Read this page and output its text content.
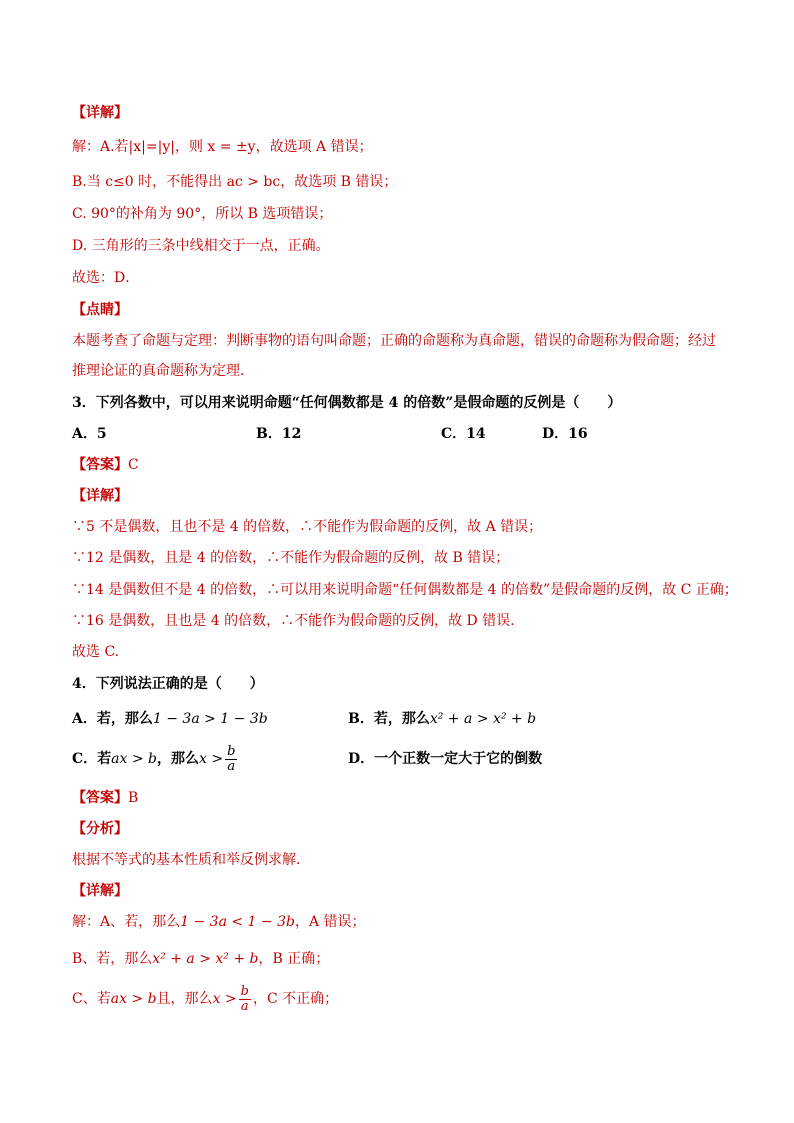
【详解】
解：A.若|x|=|y|，则 x = ±y，故选项 A 错误；
B.当 c≤0 时，不能得出 ac > bc，故选项 B 错误；
C. 90°的补角为 90°，所以 B 选项错误；
D. 三角形的三条中线相交于一点，正确。
故选：D．
【点睛】
本题考查了命题与定理：判断事物的语句叫命题；正确的命题称为真命题，错误的命题称为假命题；经过
推理论证的真命题称为定理．
3．下列各数中，可以用来说明命题“任何偶数都是 4 的倍数”是假命题的反例是（　　）
A．5	B．12	C．14	D．16
【答案】C
【详解】
∵5 不是偶数，且也不是 4 的倍数，∴不能作为假命题的反例，故 A 错误；
∵12 是偶数，且是 4 的倍数，∴不能作为假命题的反例，故 B 错误；
∵14 是偶数但不是 4 的倍数，∴可以用来说明命题“任何偶数都是 4 的倍数”是假命题的反例，故 C 正确；
∵16 是偶数，且也是 4 的倍数，∴不能作为假命题的反例，故 D 错误.
故选 C.
4．下列说法正确的是（　　）
A．若，那么1 − 3a > 1 − 3b	B．若，那么x² + a > x² + b
C．若ax > b，那么$x > \frac{b}{a}$	D．一个正数一定大于它的倒数
【答案】B
【分析】
根据不等式的基本性质和举反例求解．
【详解】
解：A、若，那么1 − 3a < 1 − 3b，A 错误；
B、若，那么x² + a > x² + b，B 正确；
C、若ax > b且，那么$x > \frac{b}{a}$ ，C 不正确；
